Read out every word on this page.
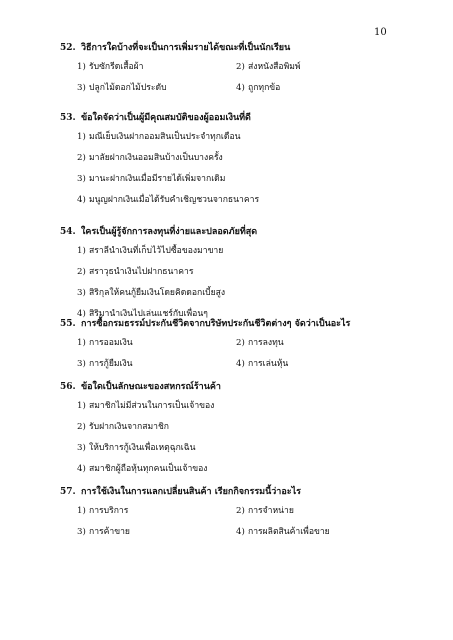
10
52. วิธีการใดบ้างที่จะเป็นการเพิ่มรายได้ขณะที่เป็นนักเรียน
1) รับซักรีดเสื้อผ้า	2) ส่งหนังสือพิมพ์
3) ปลูกไม้ดอกไม้ประดับ	4) ถูกทุกข้อ
53. ข้อใดจัดว่าเป็นผู้มีคุณสมบัติของผู้ออมเงินที่ดี
1) มณีเย็บเงินฝากออมสินเป็นประจำทุกเดือน
2) มาลัยฝากเงินออมสินบ้างเป็นบางครั้ง
3) มานะฝากเงินเมื่อมีรายได้เพิ่มจากเดิม
4) มนูญฝากเงินเมื่อได้รับคำเชิญชวนจากธนาคาร
54. ใครเป็นผู้รู้จักการลงทุนที่ง่ายและปลอดภัยที่สุด
1) สราลีนำเงินที่เก็บไว้ไปซื้อของมาขาย
2) สราวุธนำเงินไปฝากธนาคาร
3) สิริกุลให้คนกู้ยืมเงินโดยคิดดอกเบี้ยสูง
4) สิริมานำเงินไปเล่นแชร์กับเพื่อนๆ
55. การซื้อกรมธรรม์ประกันชีวิตจากบริษัทประกันชีวิตต่างๆ จัดว่าเป็นอะไร
1) การออมเงิน	2) การลงทุน
3) การกู้ยืมเงิน	4) การเล่นหุ้น
56. ข้อใดเป็นลักษณะของสหกรณ์ร้านค้า
1) สมาชิกไม่มีส่วนในการเป็นเจ้าของ
2) รับฝากเงินจากสมาชิก
3) ให้บริการกู้เงินเพื่อเหตุฉุกเฉิน
4) สมาชิกผู้ถือหุ้นทุกคนเป็นเจ้าของ
57. การใช้เงินในการแลกเปลี่ยนสินค้า เรียกกิจกรรมนี้ว่าอะไร
1) การบริการ	2) การจำหน่าย
3) การค้าขาย	4) การผลิตสินค้าเพื่อขาย
